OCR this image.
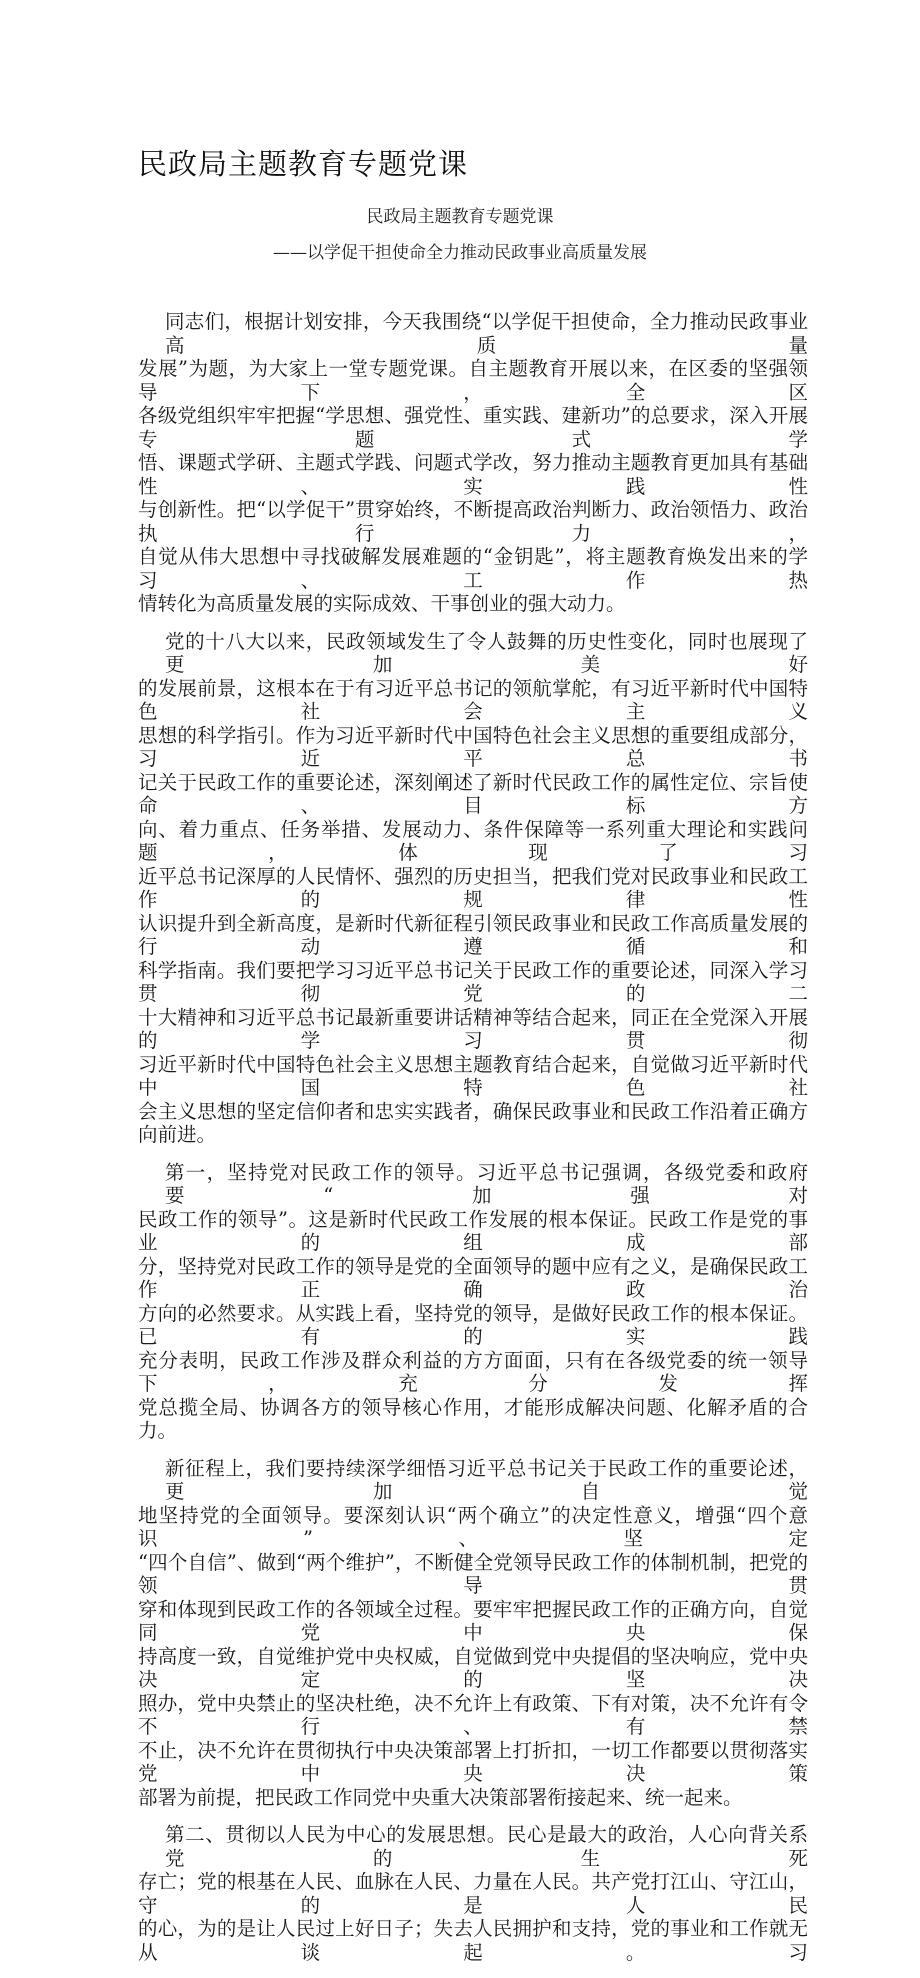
民政局主题教育专题党课
民政局主题教育专题党课
——以学促干担使命全力推动民政事业高质量发展
同志们，根据计划安排，今天我围绕“以学促干担使命，全力推动民政事业高质量
发展”为题，为大家上一堂专题党课。自主题教育开展以来，在区委的坚强领导下，全区
各级党组织牢牢把握“学思想、强党性、重实践、建新功”的总要求，深入开展专题式学
悟、课题式学研、主题式学践、问题式学改，努力推动主题教育更加具有基础性、实践性
与创新性。把“以学促干”贯穿始终，不断提高政治判断力、政治领悟力、政治执行力，
自觉从伟大思想中寻找破解发展难题的“金钥匙”，将主题教育焕发出来的学习、工作热
情转化为高质量发展的实际成效、干事创业的强大动力。
党的十八大以来，民政领域发生了令人鼓舞的历史性变化，同时也展现了更加美好
的发展前景，这根本在于有习近平总书记的领航掌舵，有习近平新时代中国特色社会主义
思想的科学指引。作为习近平新时代中国特色社会主义思想的重要组成部分，习近平总书
记关于民政工作的重要论述，深刻阐述了新时代民政工作的属性定位、宗旨使命、目标方
向、着力重点、任务举措、发展动力、条件保障等一系列重大理论和实践问题，体现了习
近平总书记深厚的人民情怀、强烈的历史担当，把我们党对民政事业和民政工作的规律性
认识提升到全新高度，是新时代新征程引领民政事业和民政工作高质量发展的行动遵循和
科学指南。我们要把学习习近平总书记关于民政工作的重要论述，同深入学习贯彻党的二
十大精神和习近平总书记最新重要讲话精神等结合起来，同正在全党深入开展的学习贯彻
习近平新时代中国特色社会主义思想主题教育结合起来，自觉做习近平新时代中国特色社
会主义思想的坚定信仰者和忠实实践者，确保民政事业和民政工作沿着正确方向前进。
第一，坚持党对民政工作的领导。习近平总书记强调，各级党委和政府要“加强对
民政工作的领导”。这是新时代民政工作发展的根本保证。民政工作是党的事业的组成部
分，坚持党对民政工作的领导是党的全面领导的题中应有之义，是确保民政工作正确政治
方向的必然要求。从实践上看，坚持党的领导，是做好民政工作的根本保证。已有的实践
充分表明，民政工作涉及群众利益的方方面面，只有在各级党委的统一领导下，充分发挥
党总揽全局、协调各方的领导核心作用，才能形成解决问题、化解矛盾的合力。
新征程上，我们要持续深学细悟习近平总书记关于民政工作的重要论述，更加自觉
地坚持党的全面领导。要深刻认识“两个确立”的决定性意义，增强“四个意识”、坚定
“四个自信”、做到“两个维护”，不断健全党领导民政工作的体制机制，把党的领导贯
穿和体现到民政工作的各领域全过程。要牢牢把握民政工作的正确方向，自觉同党中央保
持高度一致，自觉维护党中央权威，自觉做到党中央提倡的坚决响应，党中央决定的坚决
照办，党中央禁止的坚决杜绝，决不允许上有政策、下有对策，决不允许有令不行、有禁
不止，决不允许在贯彻执行中央决策部署上打折扣，一切工作都要以贯彻落实党中央决策
部署为前提，把民政工作同党中央重大决策部署衔接起来、统一起来。
第二、贯彻以人民为中心的发展思想。民心是最大的政治，人心向背关系党的生死
存亡；党的根基在人民、血脉在人民、力量在人民。共产党打江山、守江山，守的是人民
的心，为的是让人民过上好日子；失去人民拥护和支持，党的事业和工作就无从谈起。习
